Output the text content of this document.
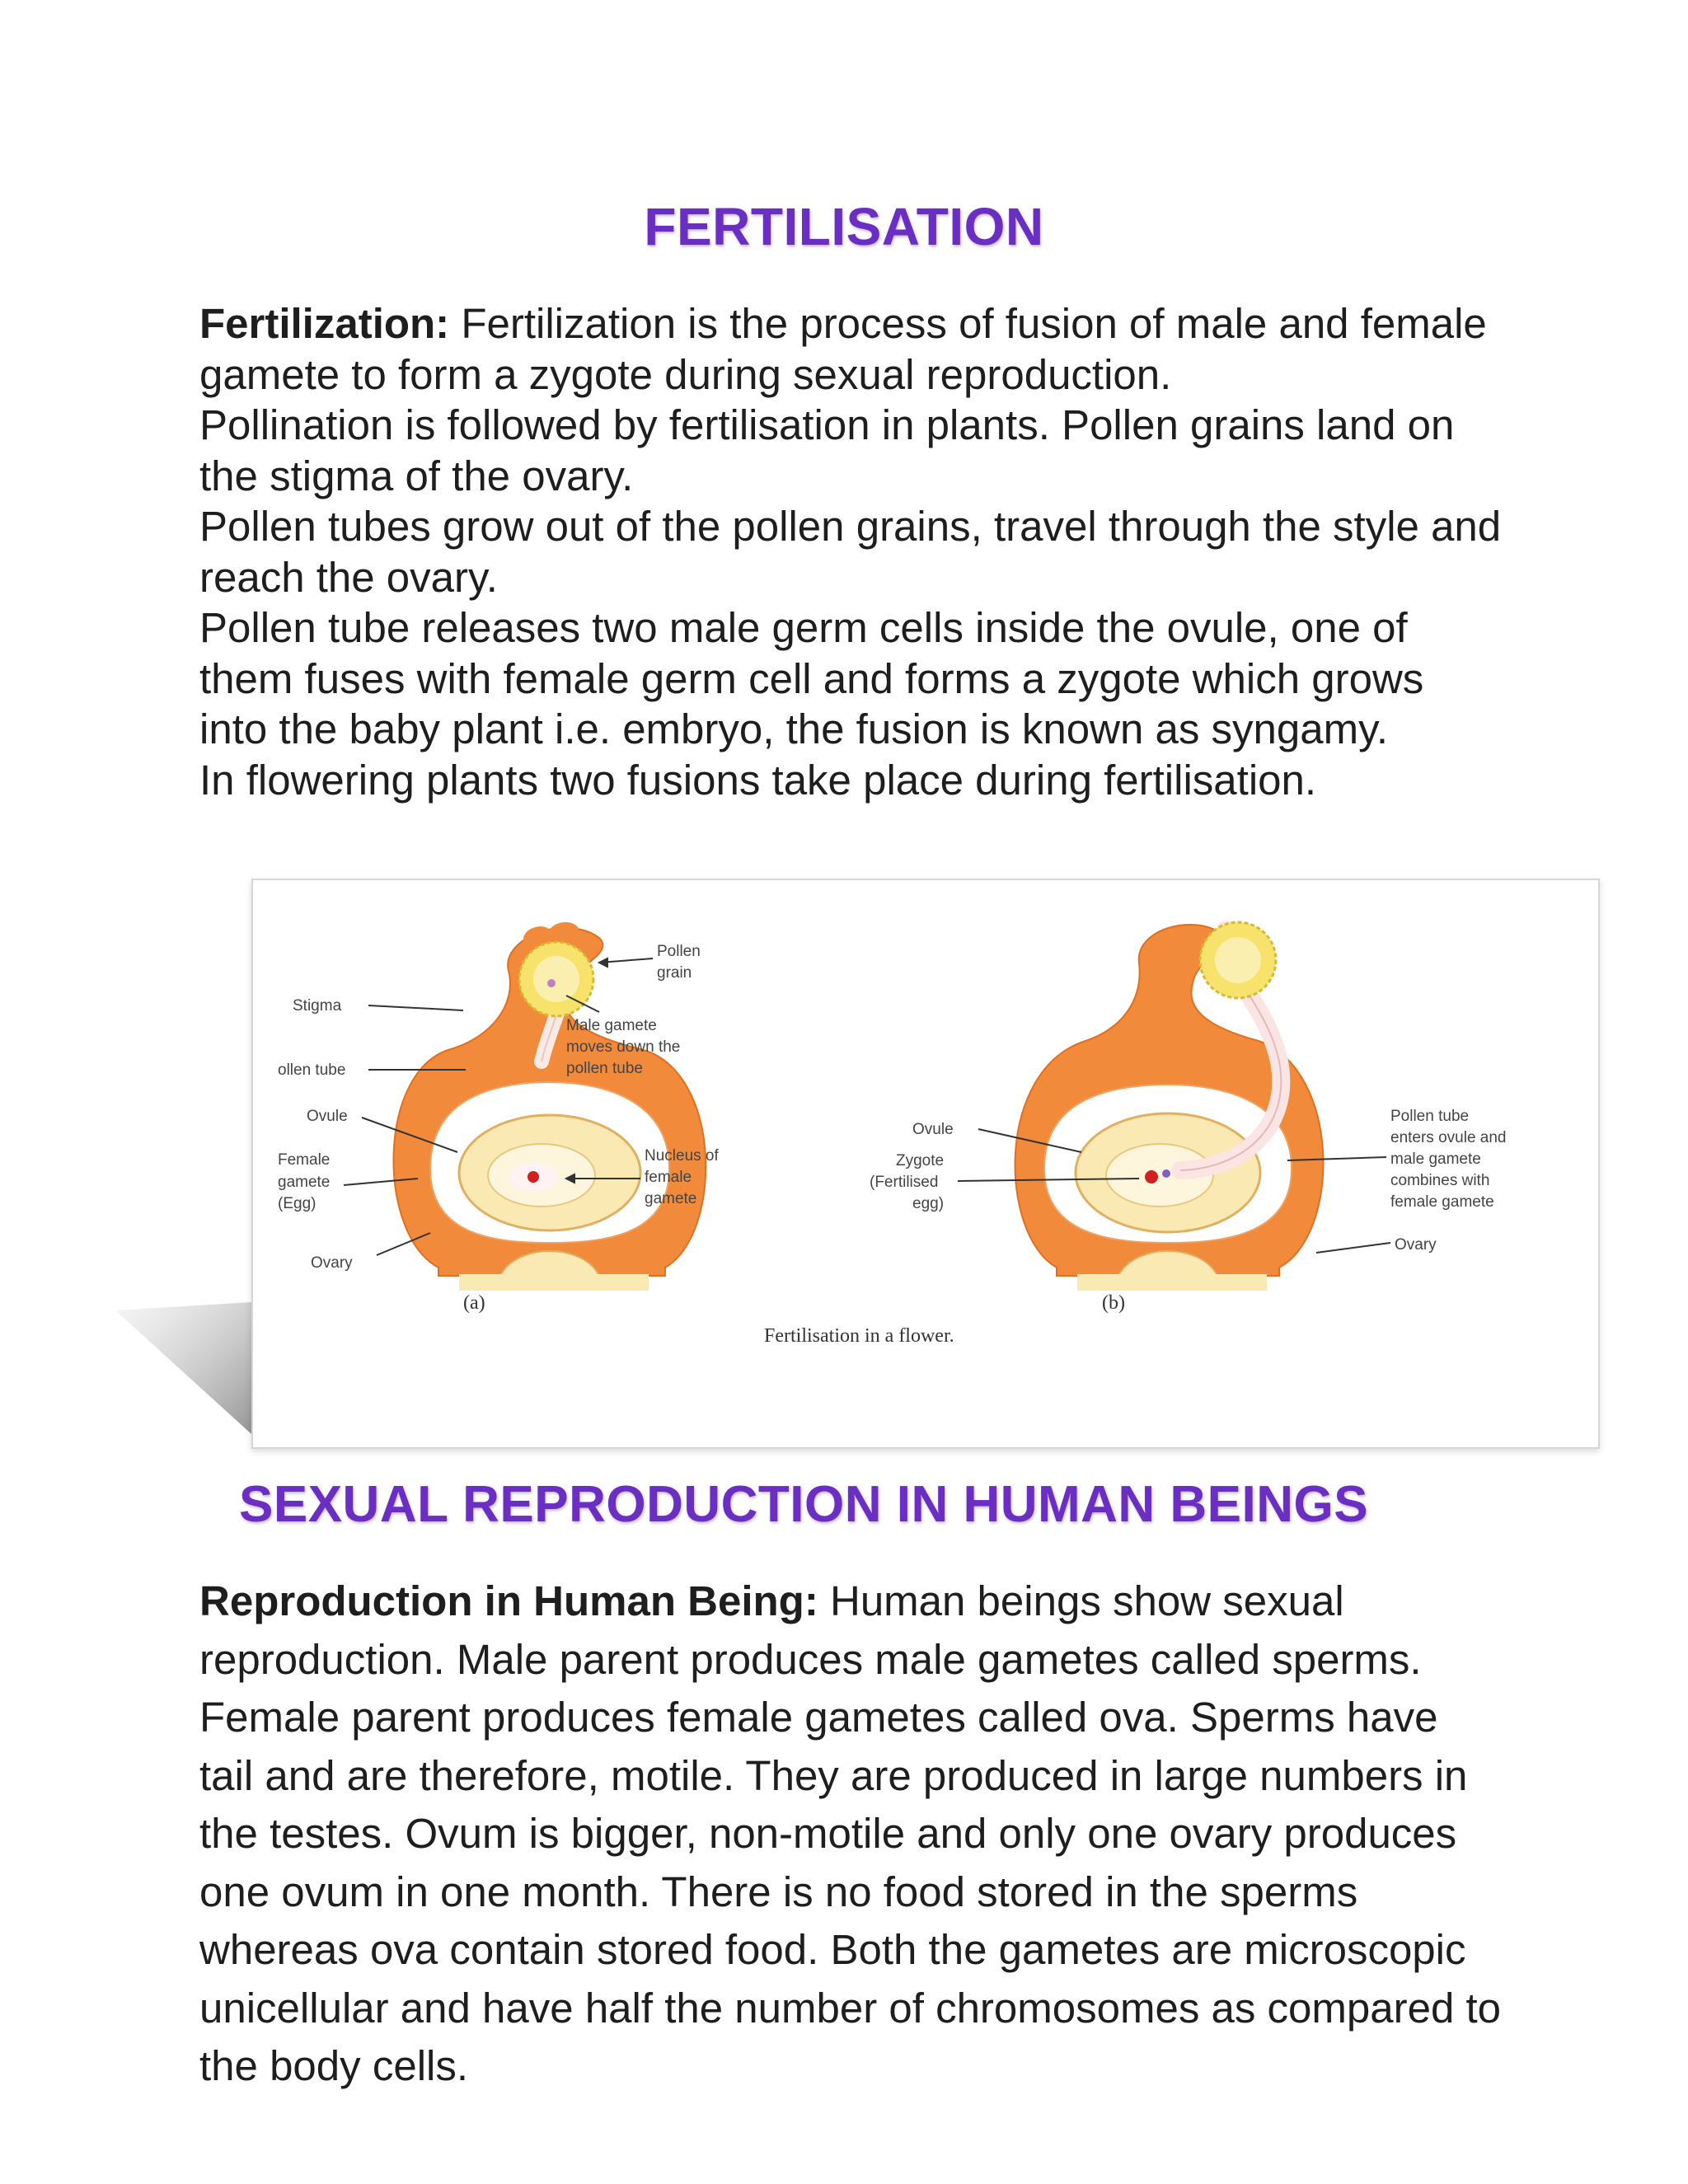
FERTILISATION

Fertilization: Fertilization is the process of fusion of male and female gamete to form a zygote during sexual reproduction.

Pollination is followed by fertilisation in plants. Pollen grains land on the stigma of the ovary.

Pollen tubes grow out of the pollen grains, travel through the style and reach the ovary.

Pollen tube releases two male germ cells inside the ovule, one of them fuses with female germ cell and forms a zygote which grows into the baby plant i.e. embryo, the fusion is known as syngamy.

In flowering plants two fusions take place during fertilisation.

Pollen
grain
Stigma
ollen tube
Ovule
Female
gamete
(Egg)
Male gamete
moves down the
pollen tube
Nucleus of
female
gamete
Ovary
(a)
Ovule
Zygote
(Fertilised
egg)
Pollen tube
enters ovule and
male gamete
combines with
female gamete
Ovary
(b)
Fertilisation in a flower.
SEXUAL REPRODUCTION IN HUMAN BEINGS

Reproduction in Human Being: Human beings show sexual reproduction. Male parent produces male gametes called sperms. Female parent produces female gametes called ova. Sperms have tail and are therefore, motile. They are produced in large numbers in the testes. Ovum is bigger, non-motile and only one ovary produces one ovum in one month. There is no food stored in the sperms whereas ova contain stored food. Both the gametes are microscopic unicellular and have half the number of chromosomes as compared to the body cells.
